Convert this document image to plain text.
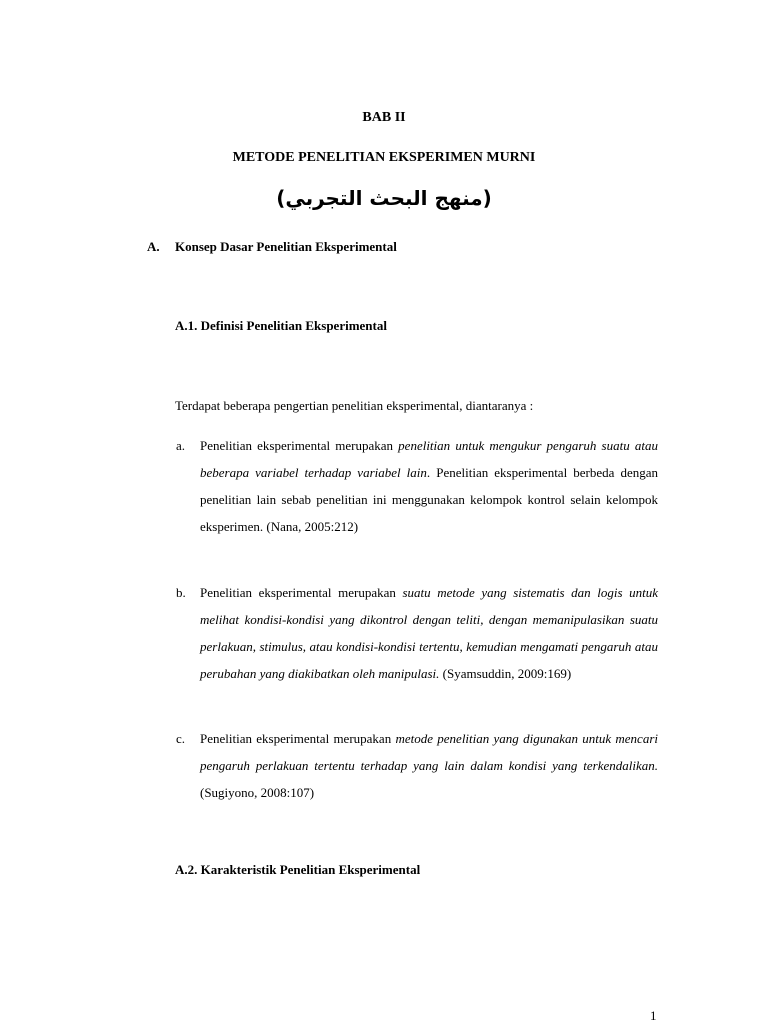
BAB II
METODE PENELITIAN EKSPERIMEN MURNI
(منهج البحث التجربي)
A. Konsep Dasar Penelitian Eksperimental
A.1. Definisi Penelitian Eksperimental
Terdapat beberapa pengertian penelitian eksperimental, diantaranya :
a. Penelitian eksperimental merupakan penelitian untuk mengukur pengaruh suatu atau beberapa variabel terhadap variabel lain. Penelitian eksperimental berbeda dengan penelitian lain sebab penelitian ini menggunakan kelompok kontrol selain kelompok eksperimen. (Nana, 2005:212)
b. Penelitian eksperimental merupakan suatu metode yang sistematis dan logis untuk melihat kondisi-kondisi yang dikontrol dengan teliti, dengan memanipulasikan suatu perlakuan, stimulus, atau kondisi-kondisi tertentu, kemudian mengamati pengaruh atau perubahan yang diakibatkan oleh manipulasi. (Syamsuddin, 2009:169)
c. Penelitian eksperimental merupakan metode penelitian yang digunakan untuk mencari pengaruh perlakuan tertentu terhadap yang lain dalam kondisi yang terkendalikan. (Sugiyono, 2008:107)
A.2. Karakteristik Penelitian Eksperimental
1
